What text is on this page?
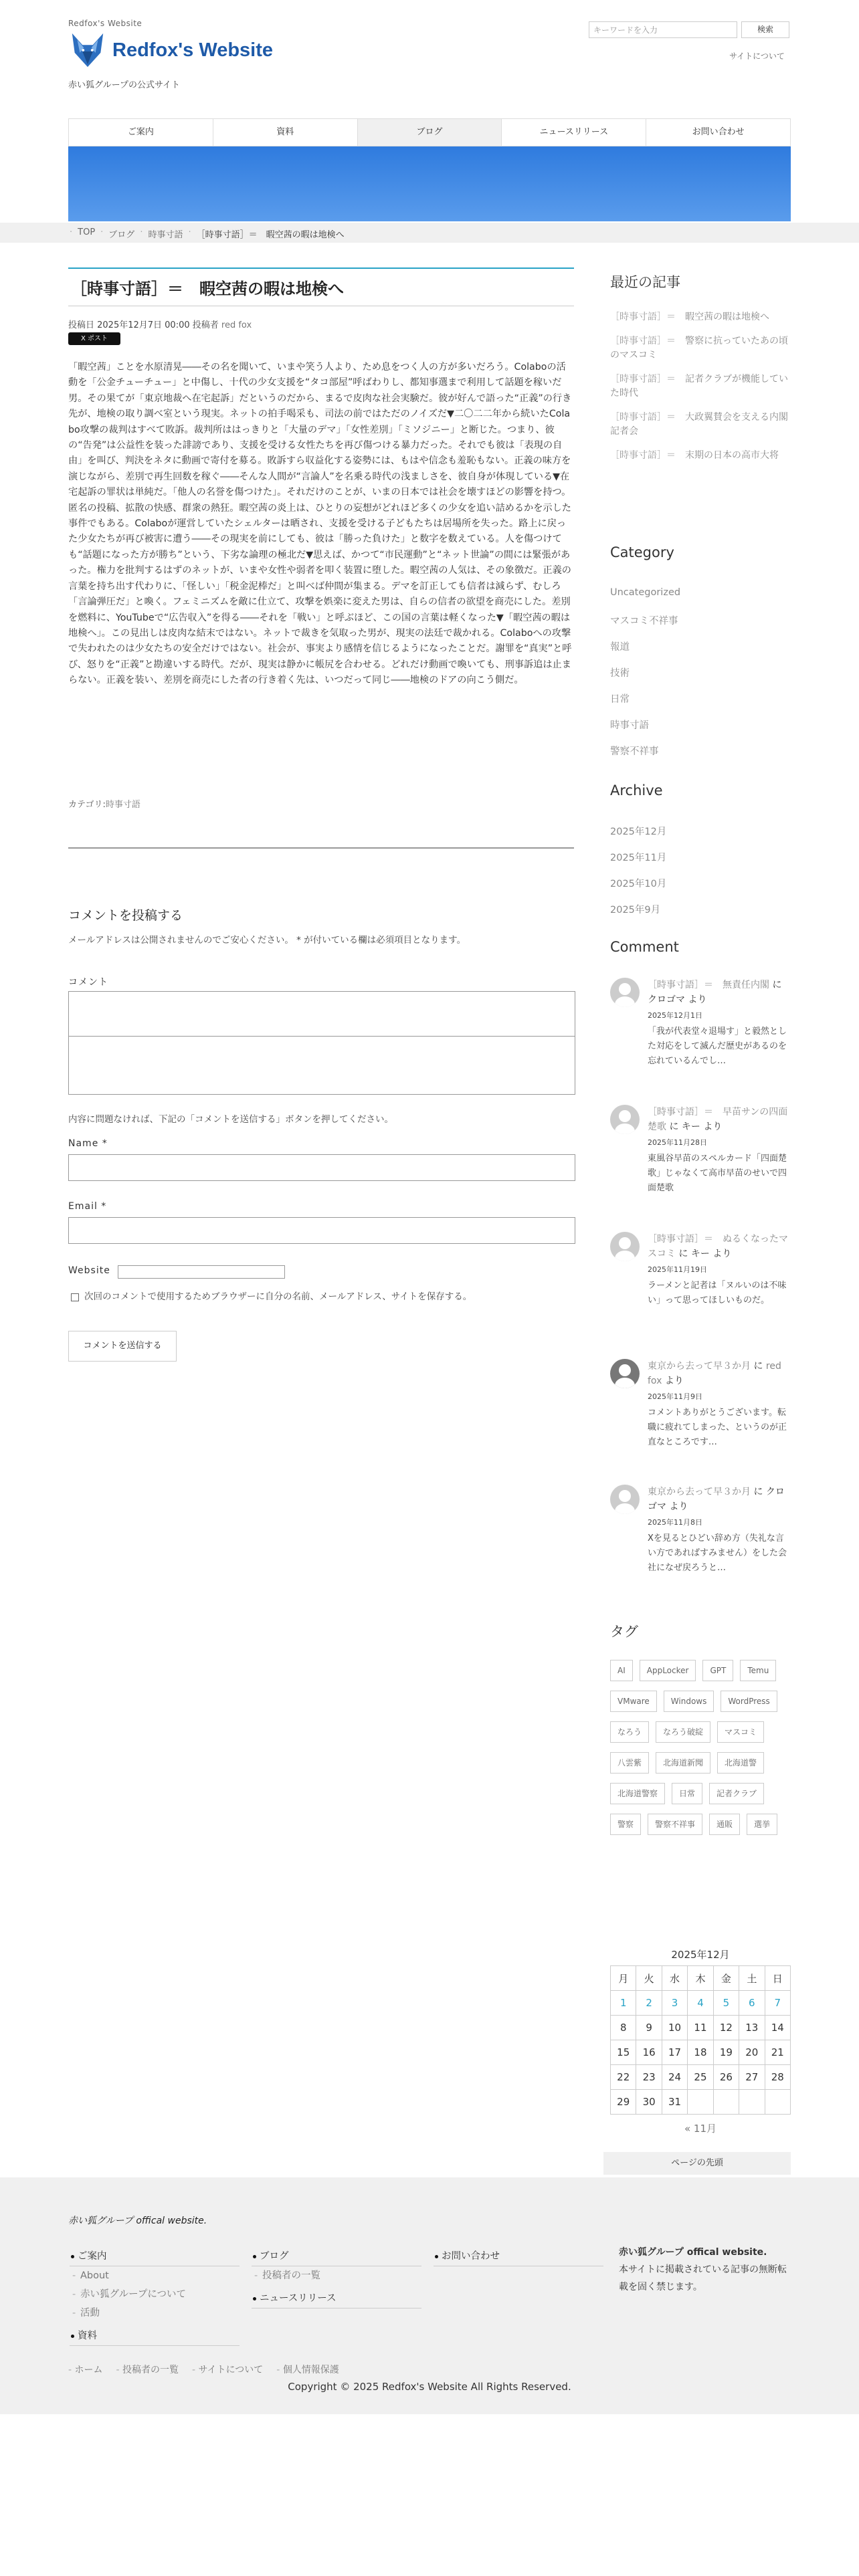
Redfox's Website
Redfox's Website
赤い狐グループの公式サイト
キーワードを入力	検索
サイトについて
ご案内	資料	ブログ	ニュースリリース	お問い合わせ
· TOP · ブログ · 時事寸語 · ［時事寸語］＝　暇空茜の暇は地検へ
［時事寸語］＝　暇空茜の暇は地検へ
投稿日 2025年12月7日 00:00 投稿者 red fox
X ポスト
「暇空茜」ことを水原清晃――その名を聞いて、いまや笑う人より、ため息をつく人の方が多いだろう。Colaboの活動を「公金チューチュー」と中傷し、十代の少女支援を“タコ部屋”呼ばわりし、都知事選まで利用して話題を稼いだ男。その果てが「東京地裁へ在宅起訴」だというのだから、まるで皮肉な社会実験だ。彼が好んで語った“正義”の行き先が、地検の取り調べ室という現実。ネットの拍手喝采も、司法の前ではただのノイズだ▼二〇二二年から続いたColabo攻撃の裁判はすべて敗訴。裁判所ははっきりと「大量のデマ」「女性差別」「ミソジニー」と断じた。つまり、彼の“告発”は公益性を装った誹謗であり、支援を受ける女性たちを再び傷つける暴力だった。それでも彼は「表現の自由」を叫び、判決をネタに動画で寄付を募る。敗訴すら収益化する姿勢には、もはや信念も羞恥もない。正義の味方を演じながら、差別で再生回数を稼ぐ――そんな人間が“言論人”を名乗る時代の浅ましさを、彼自身が体現している▼在宅起訴の罪状は単純だ。「他人の名誉を傷つけた」。それだけのことが、いまの日本では社会を壊すほどの影響を持つ。匿名の投稿、拡散の快感、群衆の熱狂。暇空茜の炎上は、ひとりの妄想がどれほど多くの少女を追い詰めるかを示した事件でもある。Colaboが運営していたシェルターは晒され、支援を受ける子どもたちは居場所を失った。路上に戻った少女たちが再び被害に遭う――その現実を前にしても、彼は「勝った負けた」と数字を数えている。人を傷つけても“話題になった方が勝ち”という、下劣な論理の極北だ▼思えば、かつて“市民運動”と“ネット世論”の間には緊張があった。権力を批判するはずのネットが、いまや女性や弱者を叩く装置に堕した。暇空茜の人気は、その象徴だ。正義の言葉を持ち出す代わりに、「怪しい」「税金泥棒だ」と叫べば仲間が集まる。デマを訂正しても信者は減らず、むしろ「言論弾圧だ」と喚く。フェミニズムを敵に仕立て、攻撃を娯楽に変えた男は、自らの信者の欲望を商売にした。差別を燃料に、YouTubeで“広告収入”を得る――それを「戦い」と呼ぶほど、この国の言葉は軽くなった▼「暇空茜の暇は地検へ」。この見出しは皮肉な結末ではない。ネットで裁きを気取った男が、現実の法廷で裁かれる。Colaboへの攻撃で失われたのは少女たちの安全だけではない。社会が、事実より感情を信じるようになったことだ。謝罪を“真実”と呼び、怒りを“正義”と勘違いする時代。だが、現実は静かに帳尻を合わせる。どれだけ動画で喚いても、刑事訴追は止まらない。正義を装い、差別を商売にした者の行き着く先は、いつだって同じ――地検のドアの向こう側だ。
カテゴリ:時事寸語
コメントを投稿する
メールアドレスは公開されませんのでご安心ください。 * が付いている欄は必須項目となります。
コメント
内容に問題なければ、下記の「コメントを送信する」ボタンを押してください。
Name *
Email *
Website
次回のコメントで使用するためブラウザーに自分の名前、メールアドレス、サイトを保存する。
コメントを送信する
最近の記事
［時事寸語］＝　 暇空茜の暇は地検へ
［時事寸語］＝　 警察に抗っていたあの頃のマスコミ
［時事寸語］＝　 記者クラブが機能していた時代
［時事寸語］＝　 大政翼賛会を支える内閣記者会
［時事寸語］＝　 末期の日本の高市大将
Category
Uncategorized
マスコミ不祥事
報道
技術
日常
時事寸語
警察不祥事
Archive
2025年12月
2025年11月
2025年10月
2025年9月
Comment
［時事寸語］＝　無責任内閣 に クロゴマ より
2025年12月1日
「我が代表堂々退場す」と毅然とした対応をして滅んだ歴史があるのを忘れているんでし…
［時事寸語］＝　早苗サンの四面楚歌 に キー より
2025年11月28日
東風谷早苗のスペルカード「四面楚歌」じゃなくて高市早苗のせいで四面楚歌
［時事寸語］＝　ぬるくなったマスコミ に キー より
2025年11月19日
ラーメンと記者は「ヌルいのは不味い」って思ってほしいものだ。
東京から去って早３か月 に red fox より
2025年11月9日
コメントありがとうございます。転職に疲れてしまった、というのが正直なところです…
東京から去って早３か月 に クロゴマ より
2025年11月8日
Xを見るとひどい辞め方（失礼な言い方であればすみません）をした会社になぜ戻ろうと…
タグ
AI	AppLocker	GPT	Temu
VMware	Windows	WordPress
なろう	なろう破綻	マスコミ
八雲紫	北海道新聞	北海道警
北海道警察	日常	記者クラブ
警察	警察不祥事	通販	選挙
2025年12月
月	火	水	木	金	土	日
1	2	3	4	5	6	7
8	9	10	11	12	13	14
15	16	17	18	19	20	21
22	23	24	25	26	27	28
29	30	31				
« 11月
ページの先頭
赤い狐グループ offical website.
ご案内
- About
- 赤い狐グループについて
- 活動
資料
ブログ
- 投稿者の一覧
ニュースリリース
お問い合わせ	赤い狐グループ offical website.
本サイトに掲載されている記事の無断転載を固く禁じます。
- ホーム	- 投稿者の一覧	- サイトについて	- 個人情報保護
Copyright © 2025 Redfox's Website All Rights Reserved.
